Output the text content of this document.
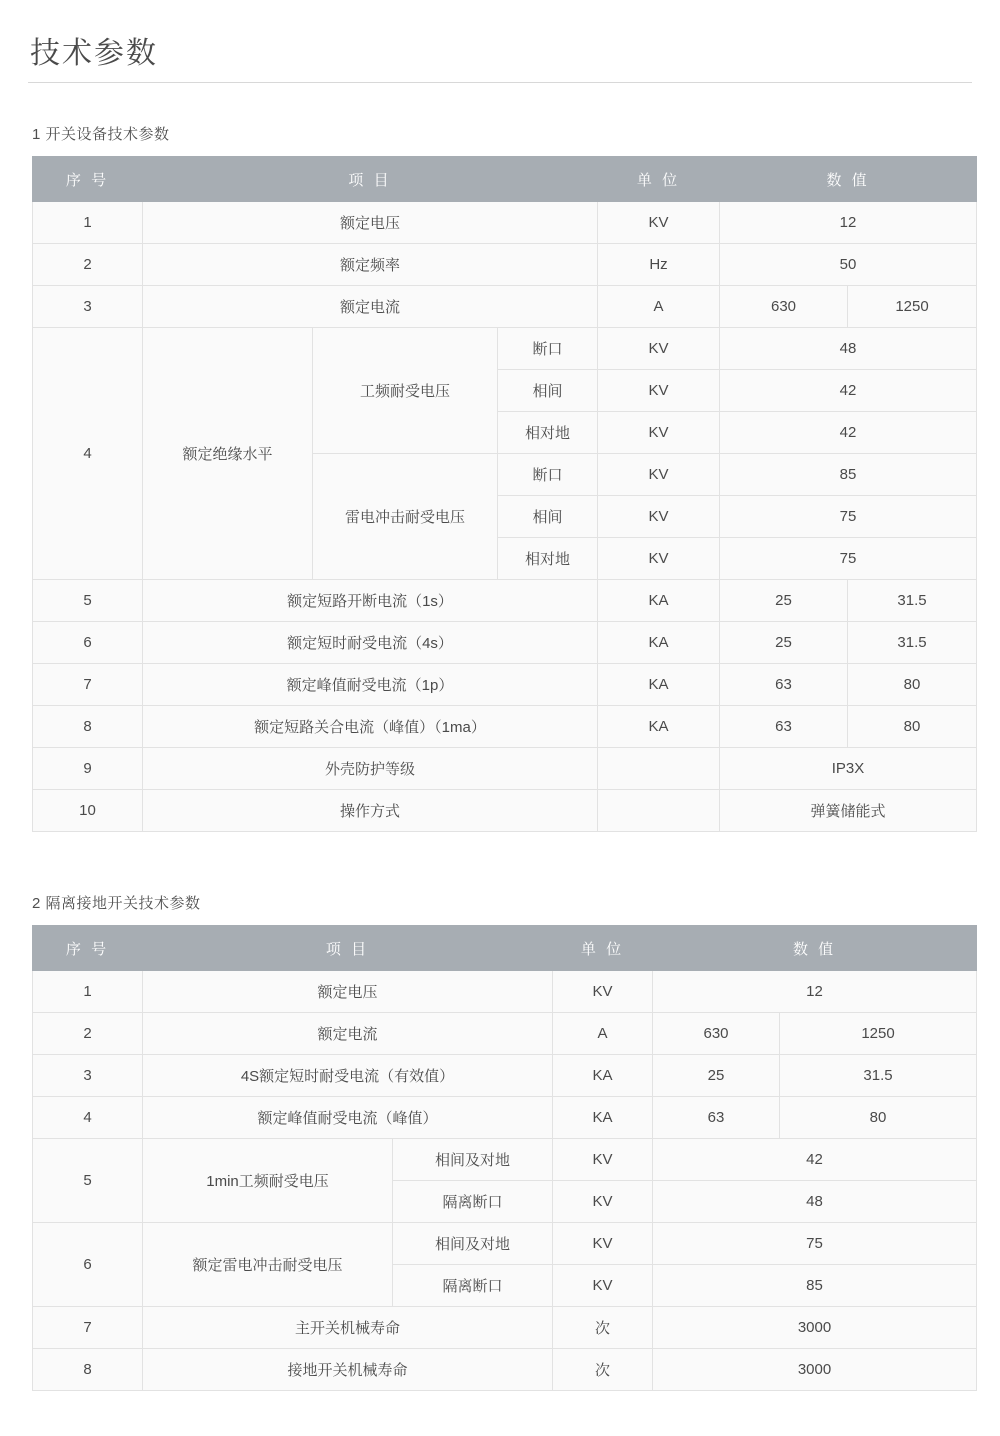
技术参数
1 开关设备技术参数
序 号	项 目			单 位	数 值	
1	额定电压			KV	12	
2	额定频率			Hz	50	
3	额定电流			A	630	1250
4	额定绝缘水平	工频耐受电压	断口	KV	48	
			相间	KV	42	
			相对地	KV	42	
		雷电冲击耐受电压	断口	KV	85	
			相间	KV	75	
			相对地	KV	75	
5	额定短路开断电流（1s）			KA	25	31.5
6	额定短时耐受电流（4s）			KA	25	31.5
7	额定峰值耐受电流（1p）			KA	63	80
8	额定短路关合电流（峰值）（1ma）			KA	63	80
9	外壳防护等级				IP3X	
10	操作方式				弹簧储能式	
2 隔离接地开关技术参数
序 号	项 目		单 位	数 值	
1	额定电压		KV	12	
2	额定电流		A	630	1250
3	4S额定短时耐受电流（有效值）		KA	25	31.5
4	额定峰值耐受电流（峰值）		KA	63	80
5	1min工频耐受电压	相间及对地	KV	42	
		隔离断口	KV	48	
6	额定雷电冲击耐受电压	相间及对地	KV	75	
		隔离断口	KV	85	
7	主开关机械寿命		次	3000	
8	接地开关机械寿命		次	3000	
